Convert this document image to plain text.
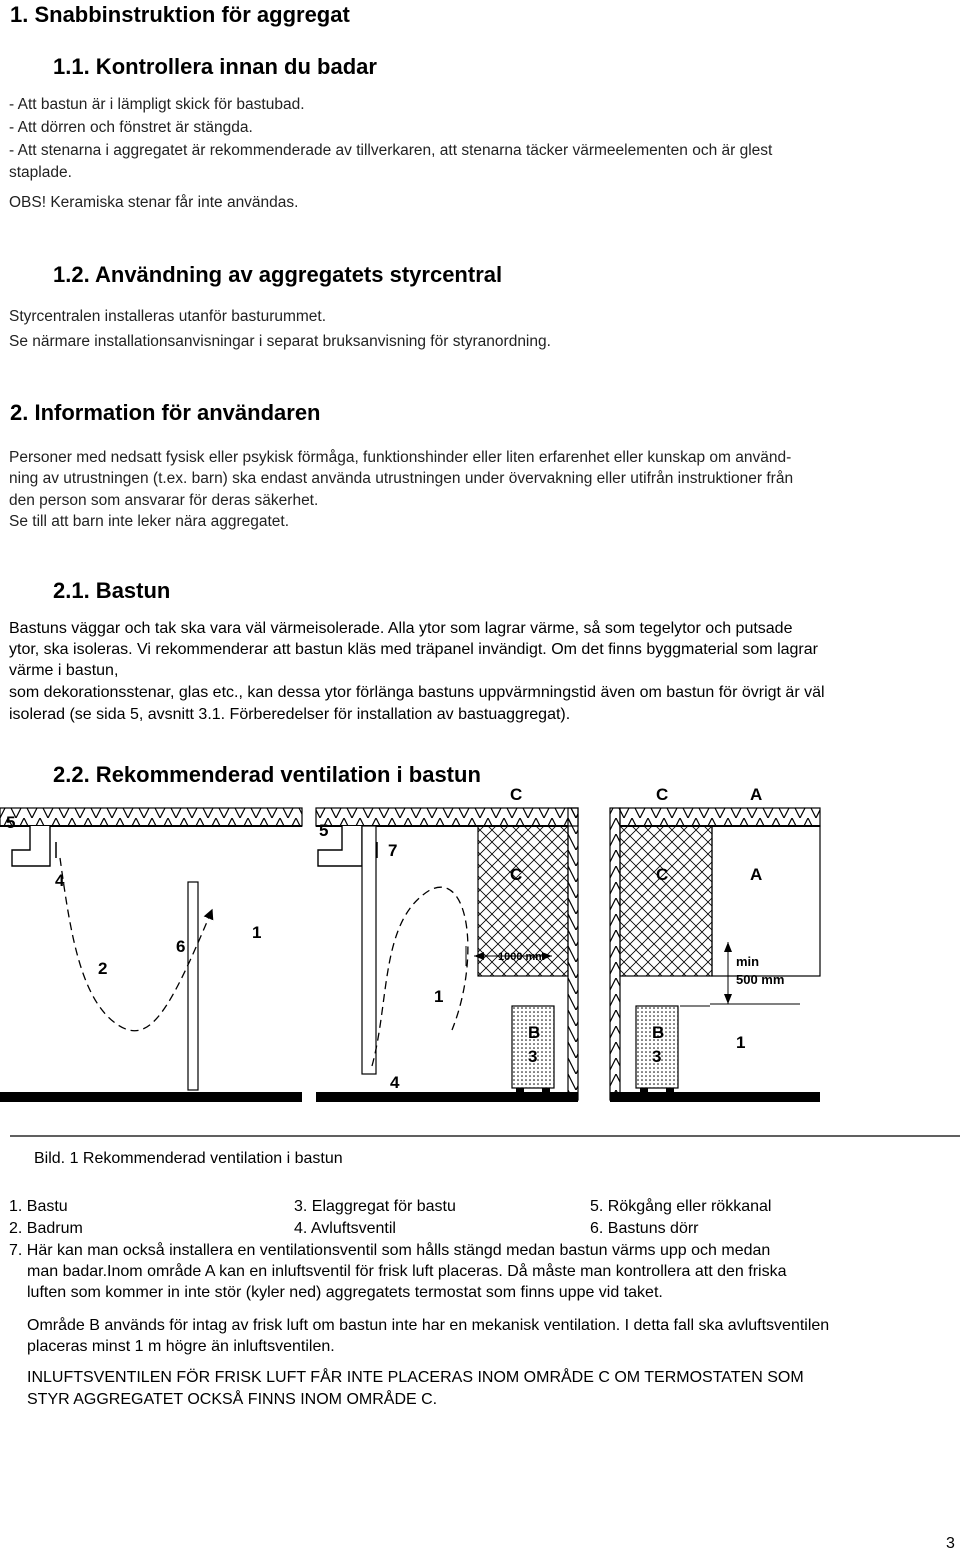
1. Snabbinstruktion för aggregat
1.1. Kontrollera innan du badar
- Att bastun är i lämpligt skick för bastubad.
- Att dörren och fönstret är stängda.
- Att stenarna i aggregatet är rekommenderade av tillverkaren, att stenarna täcker värmeelementen och är glest
staplade.
OBS! Keramiska stenar får inte användas.
1.2. Användning av aggregatets styrcentral
Styrcentralen installeras utanför basturummet.
Se närmare installationsanvisningar i separat bruksanvisning för styranordning.
2. Information för användaren
Personer med nedsatt fysisk eller psykisk förmåga, funktionshinder eller liten erfarenhet eller kunskap om använd-
ning av utrustningen (t.ex. barn) ska endast använda utrustningen under övervakning eller utifrån instruktioner från
den person som ansvarar för deras säkerhet.
Se till att barn inte leker nära aggregatet.
2.1. Bastun
Bastuns väggar och tak ska vara väl värmeisolerade. Alla ytor som lagrar värme, så som tegelytor och putsade
ytor, ska isoleras. Vi rekommenderar att bastun kläs med träpanel invändigt. Om det finns byggmaterial som lagrar
värme i bastun,
som dekorationsstenar, glas etc., kan dessa ytor förlänga bastuns uppvärmningstid även om bastun för övrigt är väl
isolerad (se sida 5, avsnitt 3.1. Förberedelser för installation av bastuaggregat).
2.2. Rekommenderad ventilation i bastun
5
4
2
6
1
5
7
1
4
1000 mm
C
C
B
3
C	A
C	A
min
500 mm
B
3
1
Bild. 1 Rekommenderad ventilation i bastun
1. Bastu
2. Badrum
3. Elaggregat för bastu
4. Avluftsventil
5. Rökgång eller rökkanal
6. Bastuns dörr
7. Här kan man också installera en ventilationsventil som hålls stängd medan bastun värms upp och medan
man badar.Inom område A kan en inluftsventil för frisk luft placeras. Då måste man kontrollera att den friska
luften som kommer in inte stör (kyler ned) aggregatets termostat som finns uppe vid taket.
Område B används för intag av frisk luft om bastun inte har en mekanisk ventilation. I detta fall ska avluftsventilen
placeras minst 1 m högre än inluftsventilen.
INLUFTSVENTILEN FÖR FRISK LUFT FÅR INTE PLACERAS INOM OMRÅDE C OM TERMOSTATEN SOM
STYR AGGREGATET OCKSÅ FINNS INOM OMRÅDE C.
3
